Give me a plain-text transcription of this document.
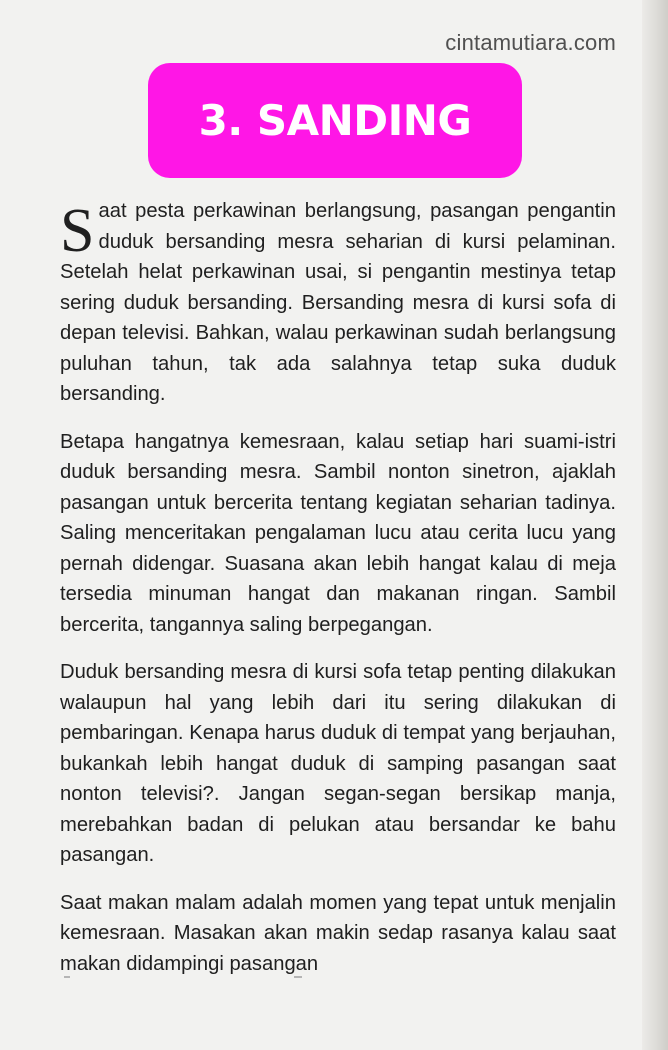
cintamutiara.com
3. SANDING

Saat pesta perkawinan berlangsung, pasangan pengantin duduk bersanding mesra seharian di kursi pelaminan. Setelah helat perkawinan usai, si pengantin mestinya tetap sering duduk bersanding. Bersanding mesra di kursi sofa di depan televisi. Bahkan, walau perkawinan sudah berlangsung puluhan tahun, tak ada salahnya tetap suka duduk bersanding.

Betapa hangatnya kemesraan, kalau setiap hari suami-istri duduk bersanding mesra. Sambil nonton sinetron, ajaklah pasangan untuk bercerita tentang kegiatan seharian tadinya. Saling menceritakan pengalaman lucu atau cerita lucu yang pernah didengar. Suasana akan lebih hangat kalau di meja tersedia minuman hangat dan makanan ringan. Sambil bercerita, tangannya saling berpegangan.

Duduk bersanding mesra di kursi sofa tetap penting dilakukan walaupun hal yang lebih dari itu sering dilakukan di pembaringan. Kenapa harus duduk di tempat yang berjauhan, bukankah lebih hangat duduk di samping pasangan saat nonton televisi?. Jangan segan-segan bersikap manja, merebahkan badan di pelukan atau bersandar ke bahu pasangan.

Saat makan malam adalah momen yang tepat untuk menjalin kemesraan. Masakan akan makin sedap rasanya kalau saat makan didampingi pasangan
